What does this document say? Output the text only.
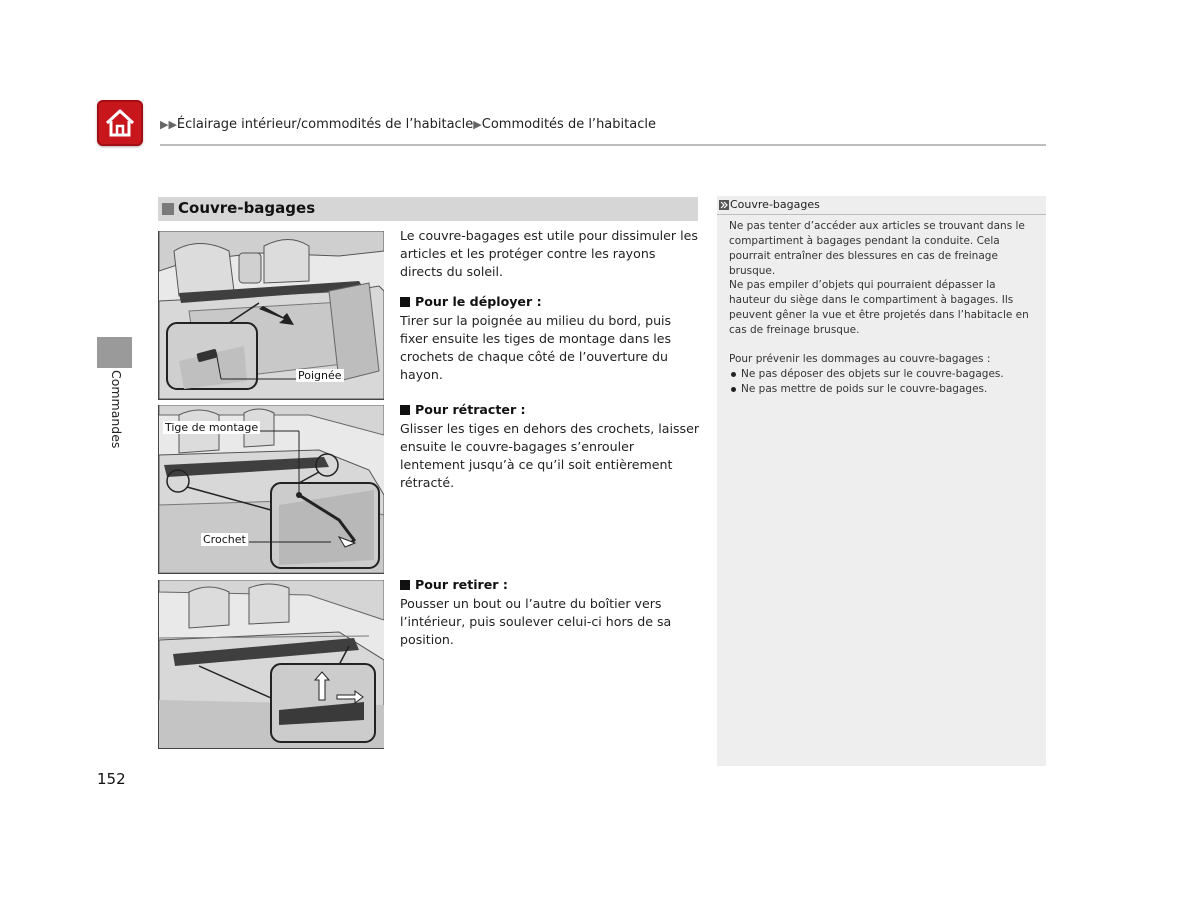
▶▶Éclairage intérieur/commodités de l’habitacle▶Commodités de l’habitacle
Commandes
Couvre-bagages
Poignée
Tige de montage
Crochet
Le couvre-bagages est utile pour dissimuler les articles et les protéger contre les rayons directs du soleil.
Pour le déployer :
Tirer sur la poignée au milieu du bord, puis fixer ensuite les tiges de montage dans les crochets de chaque côté de l’ouverture du hayon.
Pour rétracter :
Glisser les tiges en dehors des crochets, laisser ensuite le couvre-bagages s’enrouler lentement jusqu’à ce qu’il soit entièrement rétracté.
Pour retirer :
Pousser un bout ou l’autre du boîtier vers l’intérieur, puis soulever celui-ci hors de sa position.
Couvre-bagages
Ne pas tenter d’accéder aux articles se trouvant dans le compartiment à bagages pendant la conduite. Cela pourrait entraîner des blessures en cas de freinage brusque.
Ne pas empiler d’objets qui pourraient dépasser la hauteur du siège dans le compartiment à bagages. Ils peuvent gêner la vue et être projetés dans l’habitacle en cas de freinage brusque.
Pour prévenir les dommages au couvre-bagages :
Ne pas déposer des objets sur le couvre-bagages.
Ne pas mettre de poids sur le couvre-bagages.
152
